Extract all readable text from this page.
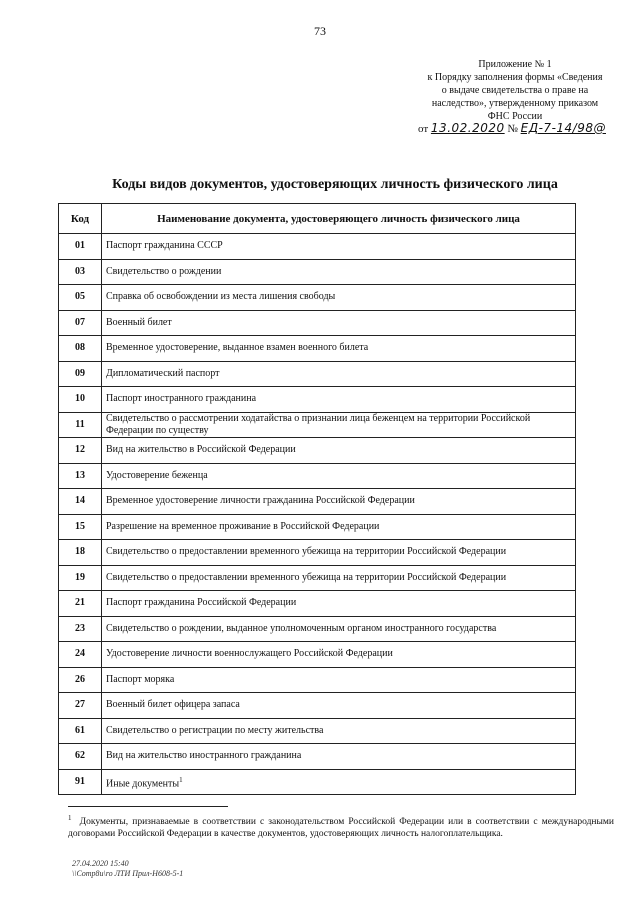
73
Приложение № 1
к Порядку заполнения формы «Сведения
о выдаче свидетельства о праве на
наследство», утвержденному приказом
ФНС России
от 13.02.2020 № ЕД-7-14/98@
Коды видов документов, удостоверяющих личность физического лица
Код	Наименование документа, удостоверяющего личность физического лица
01	Паспорт гражданина СССР
03	Свидетельство о рождении
05	Справка об освобождении из места лишения свободы
07	Военный билет
08	Временное удостоверение, выданное взамен военного билета
09	Дипломатический паспорт
10	Паспорт иностранного гражданина
11	Свидетельство о рассмотрении ходатайства о признании лица беженцем на территории Российской Федерации по существу
12	Вид на жительство в Российской Федерации
13	Удостоверение беженца
14	Временное удостоверение личности гражданина Российской Федерации
15	Разрешение на временное проживание в Российской Федерации
18	Свидетельство о предоставлении временного убежища на территории Российской Федерации
19	Свидетельство о предоставлении временного убежища на территории Российской Федерации
21	Паспорт гражданина Российской Федерации
23	Свидетельство о рождении, выданное уполномоченным органом иностранного государства
24	Удостоверение личности военнослужащего Российской Федерации
26	Паспорт моряка
27	Военный билет офицера запаса
61	Свидетельство о регистрации по месту жительства
62	Вид на жительство иностранного гражданина
91	Иные документы$^1$
$^1$ Документы, признаваемые в соответствии с законодательством Российской Федерации или в соответствии с международными договорами Российской Федерации в качестве документов, удостоверяющих личность налогоплательщика.
27.04.2020 15:40
\\Comp8u\ro ЛТИ Прил-Н608-5-1
